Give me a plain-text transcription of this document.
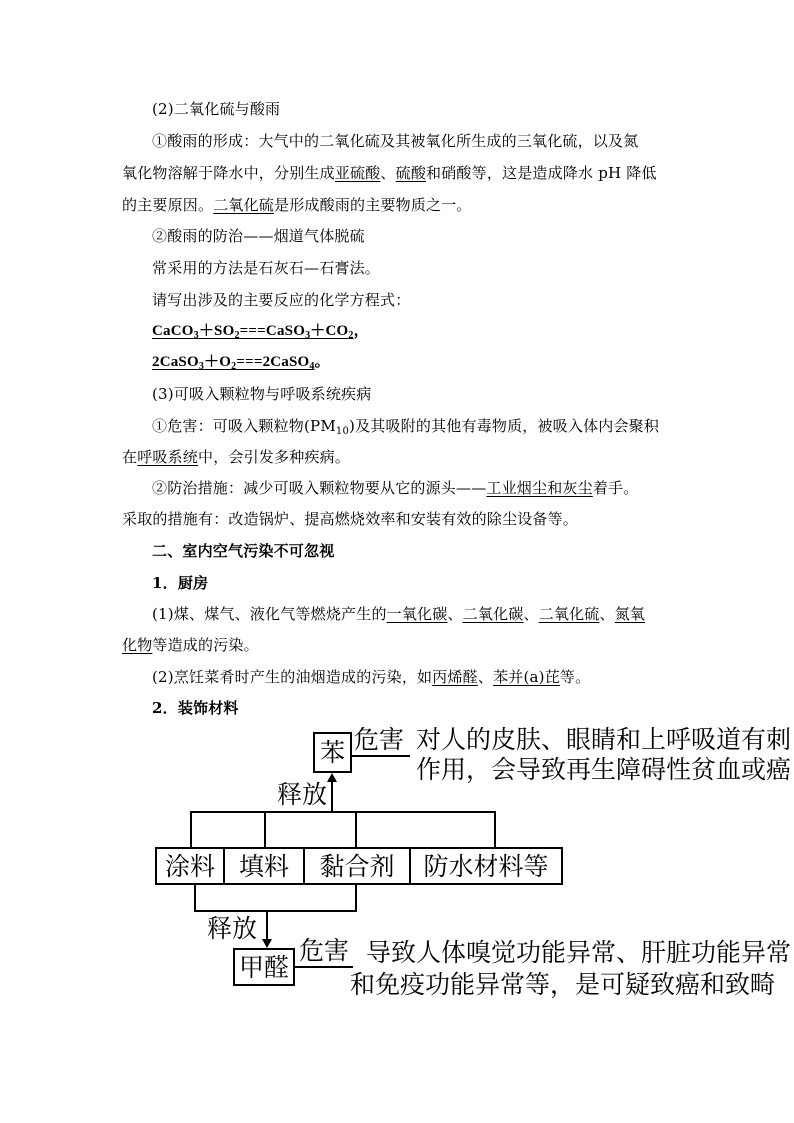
(2)二氧化硫与酸雨
①酸雨的形成：大气中的二氧化硫及其被氧化所生成的三氧化硫，以及氮
氧化物溶解于降水中，分别生成亚硫酸、硫酸和硝酸等，这是造成降水 pH 降低
的主要原因。二氧化硫是形成酸雨的主要物质之一。
②酸雨的防治——烟道气体脱硫
常采用的方法是石灰石—石膏法。
请写出涉及的主要反应的化学方程式：
$CaCO_3+SO_2===CaSO_3+CO_2$，
$2CaSO_3+O_2===2CaSO_4$。
(3)可吸入颗粒物与呼吸系统疾病
①危害：可吸入颗粒物$(PM_{10})$及其吸附的其他有毒物质，被吸入体内会聚积
在呼吸系统中，会引发多种疾病。
②防治措施：减少可吸入颗粒物要从它的源头——工业烟尘和灰尘着手。
采取的措施有：改造锅炉、提高燃烧效率和安装有效的除尘设备等。
二、室内空气污染不可忽视
1．厨房
(1)煤、煤气、液化气等燃烧产生的一氧化碳、二氧化碳、二氧化硫、氮氧
化物等造成的污染。
(2)烹饪菜肴时产生的油烟造成的污染，如丙烯醛、苯并(a)芘等。
2．装饰材料
苯 危害 对人的皮肤、眼睛和上呼吸道有刺
作用，会导致再生障碍性贫血或癌
释放
涂料 填料	黏合剂	防水材料等
释放
甲醛
危害 导致人体嗅觉功能异常、肝脏功能异常
和免疫功能异常等，是可疑致癌和致畸
